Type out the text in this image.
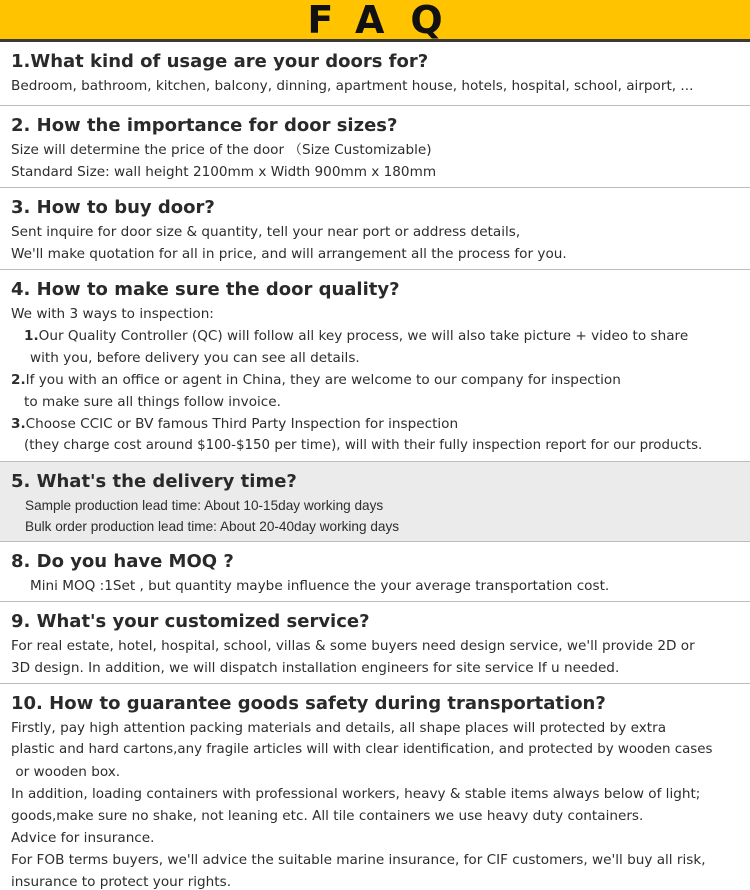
FAQ
1.What kind of usage are your doors for?
Bedroom, bathroom, kitchen, balcony, dinning, apartment house, hotels, hospital, school, airport, ...
2. How the importance for door sizes?
Size will determine the price of the door （Size Customizable)
Standard Size: wall height 2100mm x Width 900mm x 180mm
3. How to buy door?
Sent inquire for door size & quantity, tell your near port or address details,
We'll make quotation for all in price, and will arrangement all the process for you.
4. How to make sure the door quality?
We with 3 ways to inspection:
1.Our Quality Controller (QC) will follow all key process, we will also take picture + video to share
with you, before delivery you can see all details.
2.If you with an office or agent in China, they are welcome to our company for inspection
to make sure all things follow invoice.
3.Choose CCIC or BV famous Third Party Inspection for inspection
(they charge cost around $100-$150 per time), will with their fully inspection report for our products.
5. What's the delivery time?
Sample production lead time: About 10-15day working days
Bulk order production lead time: About 20-40day working days
8. Do you have MOQ ?
Mini MOQ :1Set , but quantity maybe influence the your average transportation cost.
9. What's your customized service?
For real estate, hotel, hospital, school, villas & some buyers need design service, we'll provide 2D or
3D design. In addition, we will dispatch installation engineers for site service If u needed.
10. How to guarantee goods safety during transportation?
Firstly, pay high attention packing materials and details, all shape places will protected by extra
plastic and hard cartons,any fragile articles will with clear identification, and protected by wooden cases
or wooden box.
In addition, loading containers with professional workers, heavy & stable items always below of light;
goods,make sure no shake, not leaning etc. All tile containers we use heavy duty containers.
Advice for insurance.
For FOB terms buyers, we'll advice the suitable marine insurance, for CIF customers, we'll buy all risk,
insurance to protect your rights.
